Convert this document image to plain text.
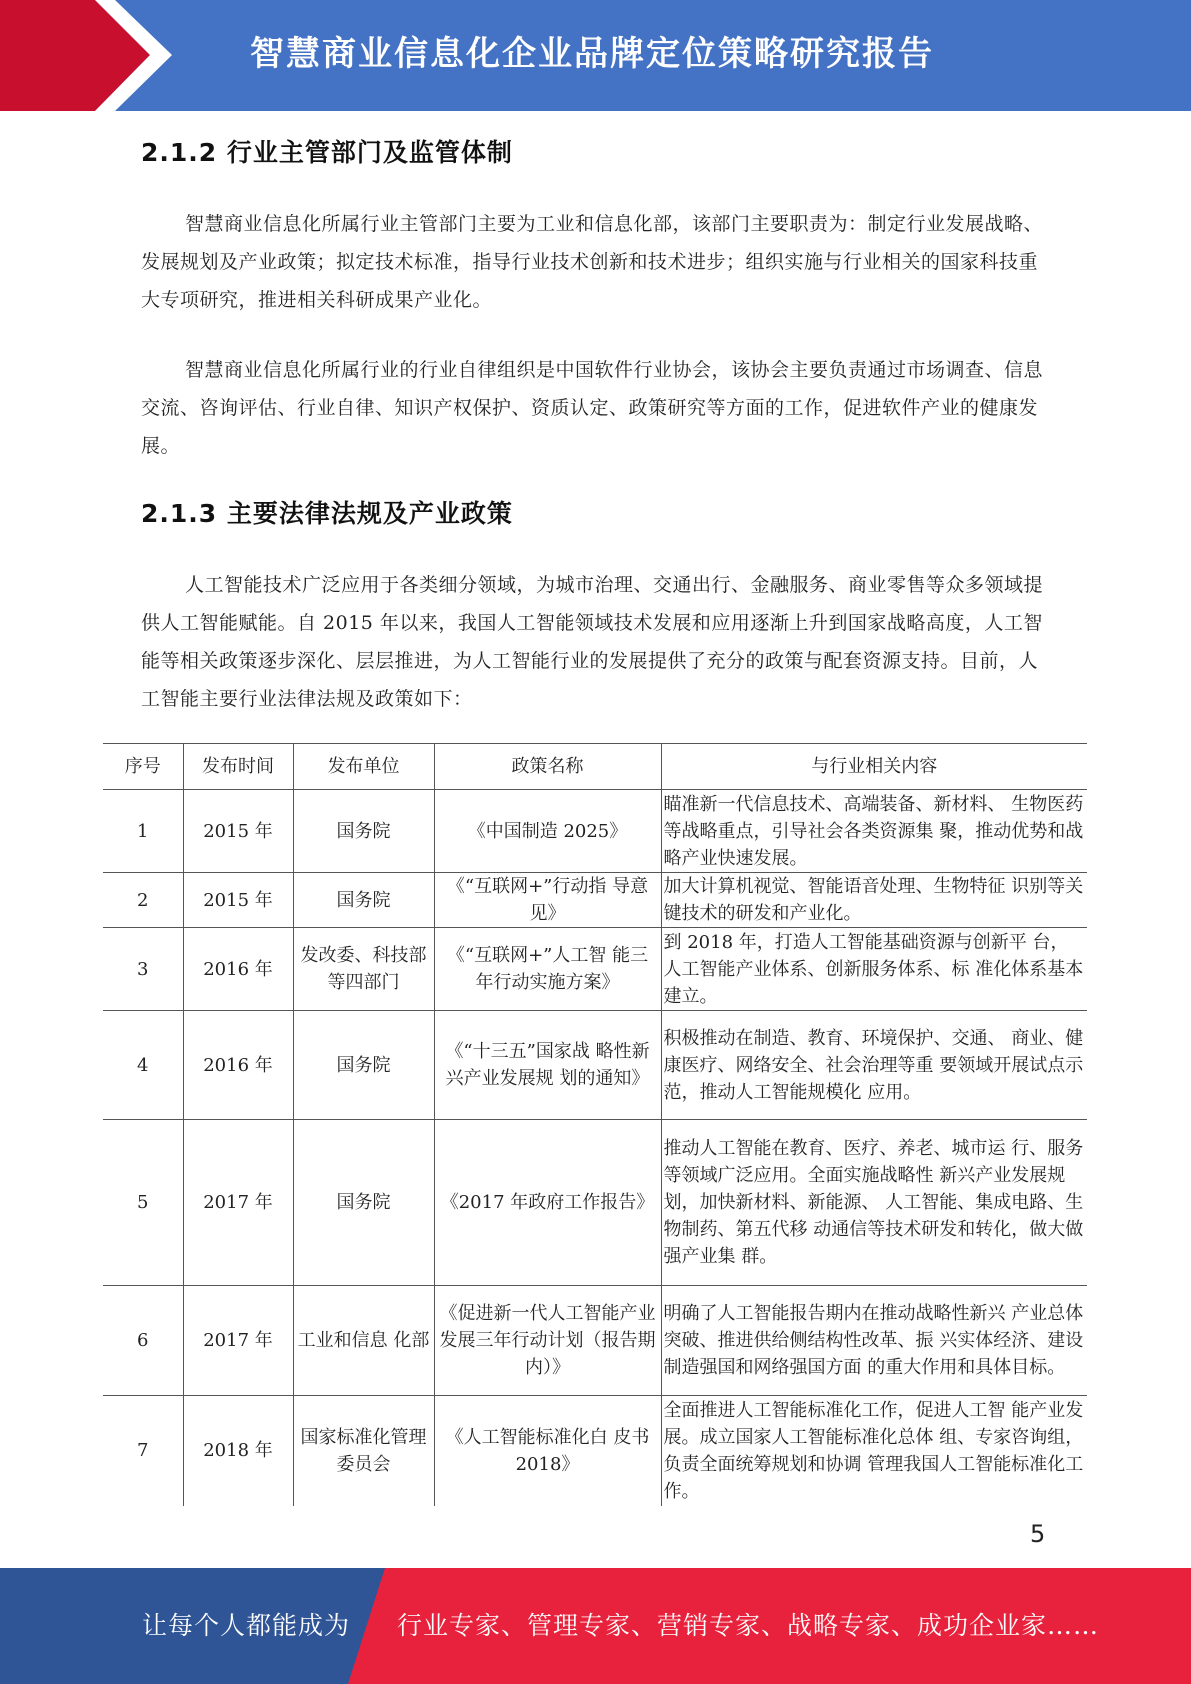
智慧商业信息化企业品牌定位策略研究报告
2.1.2 行业主管部门及监管体制
智慧商业信息化所属行业主管部门主要为工业和信息化部，该部门主要职责为：制定行业发展战略、发展规划及产业政策；拟定技术标准，指导行业技术创新和技术进步；组织实施与行业相关的国家科技重大专项研究，推进相关科研成果产业化。
智慧商业信息化所属行业的行业自律组织是中国软件行业协会，该协会主要负责通过市场调查、信息交流、咨询评估、行业自律、知识产权保护、资质认定、政策研究等方面的工作，促进软件产业的健康发展。
2.1.3 主要法律法规及产业政策
人工智能技术广泛应用于各类细分领域，为城市治理、交通出行、金融服务、商业零售等众多领域提供人工智能赋能。自 2015 年以来，我国人工智能领域技术发展和应用逐渐上升到国家战略高度，人工智能等相关政策逐步深化、层层推进，为人工智能行业的发展提供了充分的政策与配套资源支持。目前，人工智能主要行业法律法规及政策如下：
序号	发布时间	发布单位	政策名称	与行业相关内容
1	2015 年	国务院	《中国制造 2025》	瞄准新一代信息技术、高端装备、新材料、 生物医药等战略重点，引导社会各类资源集 聚，推动优势和战略产业快速发展。
2	2015 年	国务院	《“互联网+”行动指 导意见》	加大计算机视觉、智能语音处理、生物特征 识别等关键技术的研发和产业化。
3	2016 年	发改委、科技部等四部门	《“互联网+”人工智 能三年行动实施方案》	到 2018 年，打造人工智能基础资源与创新平 台，人工智能产业体系、创新服务体系、标 准化体系基本建立。
4	2016 年	国务院	《“十三五”国家战 略性新兴产业发展规 划的通知》	积极推动在制造、教育、环境保护、交通、 商业、健康医疗、网络安全、社会治理等重 要领域开展试点示范，推动人工智能规模化 应用。
5	2017 年	国务院	《2017 年政府工作报告》	推动人工智能在教育、医疗、养老、城市运 行、服务等领域广泛应用。全面实施战略性 新兴产业发展规划，加快新材料、新能源、 人工智能、集成电路、生物制药、第五代移 动通信等技术研发和转化，做大做强产业集 群。
6	2017 年	工业和信息 化部	《促进新一代人工智能产业发展三年行动计划（报告期内）》	明确了人工智能报告期内在推动战略性新兴 产业总体突破、推进供给侧结构性改革、振 兴实体经济、建设制造强国和网络强国方面 的重大作用和具体目标。
7	2018 年	国家标准化管理委员会	《人工智能标准化白 皮书 2018》	全面推进人工智能标准化工作，促进人工智 能产业发展。成立国家人工智能标准化总体 组、专家咨询组，负责全面统筹规划和协调 管理我国人工智能标准化工作。
5
让每个人都能成为 行业专家、管理专家、营销专家、战略专家、成功企业家……
